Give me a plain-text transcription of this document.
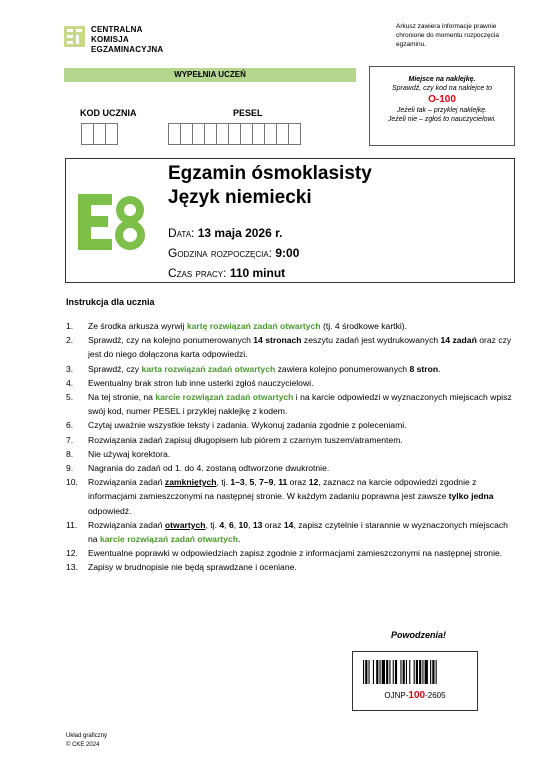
CENTRALNA
KOMISJA
EGZAMINACYJNA
Arkusz zawiera informacje prawnie chronione do momentu rozpoczęcia egzaminu.
WYPEŁNIA UCZEŃ
KOD UCZNIA	PESEL
Miejsce na naklejkę.
Sprawdź, czy kod na naklejce to
O-100
Jeżeli tak – przyklej naklejkę.
Jeżeli nie – zgłoś to nauczycielowi.
Egzamin ósmoklasisty
Język niemiecki
Data: 13 maja 2026 r.
Godzina rozpoczęcia: 9:00
Czas pracy: 110 minut
Instrukcja dla ucznia
1. Ze środka arkusza wyrwij kartę rozwiązań zadań otwartych (tj. 4 środkowe kartki).
2. Sprawdź, czy na kolejno ponumerowanych 14 stronach zeszytu zadań jest wydrukowanych 14 zadań oraz czy jest do niego dołączona karta odpowiedzi.
3. Sprawdź, czy karta rozwiązań zadań otwartych zawiera kolejno ponumerowanych 8 stron.
4. Ewentualny brak stron lub inne usterki zgłoś nauczycielowi.
5. Na tej stronie, na karcie rozwiązań zadań otwartych i na karcie odpowiedzi w wyznaczonych miejscach wpisz swój kod, numer PESEL i przyklej naklejkę z kodem.
6. Czytaj uważnie wszystkie teksty i zadania. Wykonuj zadania zgodnie z poleceniami.
7. Rozwiązania zadań zapisuj długopisem lub piórem z czarnym tuszem/atramentem.
8. Nie używaj korektora.
9. Nagrania do zadań od 1. do 4. zostaną odtworzone dwukrotnie.
10. Rozwiązania zadań zamkniętych, tj. 1–3, 5, 7–9, 11 oraz 12, zaznacz na karcie odpowiedzi zgodnie z informacjami zamieszczonymi na następnej stronie. W każdym zadaniu poprawna jest zawsze tylko jedna odpowiedź.
11. Rozwiązania zadań otwartych, tj. 4, 6, 10, 13 oraz 14, zapisz czytelnie i starannie w wyznaczonych miejscach na karcie rozwiązań zadań otwartych.
12. Ewentualne poprawki w odpowiedziach zapisz zgodnie z informacjami zamieszczonymi na następnej stronie.
13. Zapisy w brudnopisie nie będą sprawdzane i oceniane.
Powodzenia!
OJNP-100-2605
Układ graficzny
© CKE 2024
